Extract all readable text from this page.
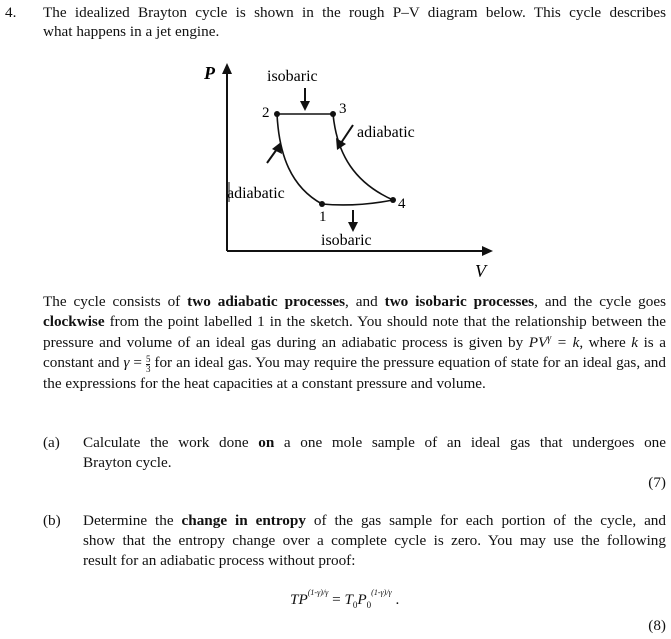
4. The idealized Brayton cycle is shown in the rough P–V diagram below. This cycle describes
what happens in a jet engine.
P
V
2	3
4
1
isobaric
adiabatic
adiabatic
isobaric
The cycle consists of two adiabatic processes, and two isobaric processes, and the cycle goes clockwise from the point labelled 1 in the sketch. You should note that the relationship between the pressure and volume of an ideal gas during an adiabatic process is given by $PV^\gamma = k$, where k is a constant and $\gamma = \frac{5}{3}$ for an ideal gas. You may require the pressure equation of state for an ideal gas, and the expressions for the heat capacities at a constant pressure and volume.
(a) Calculate the work done on a one mole sample of an ideal gas that undergoes one
Brayton cycle.
(7)
(b) Determine the change in entropy of the gas sample for each portion of the cycle, and
show that the entropy change over a complete cycle is zero. You may use the following
result for an adiabatic process without proof:
$TP^{(1-\gamma)/\gamma} = T_0P_0^{(1-\gamma)/\gamma}$ .
(8)
